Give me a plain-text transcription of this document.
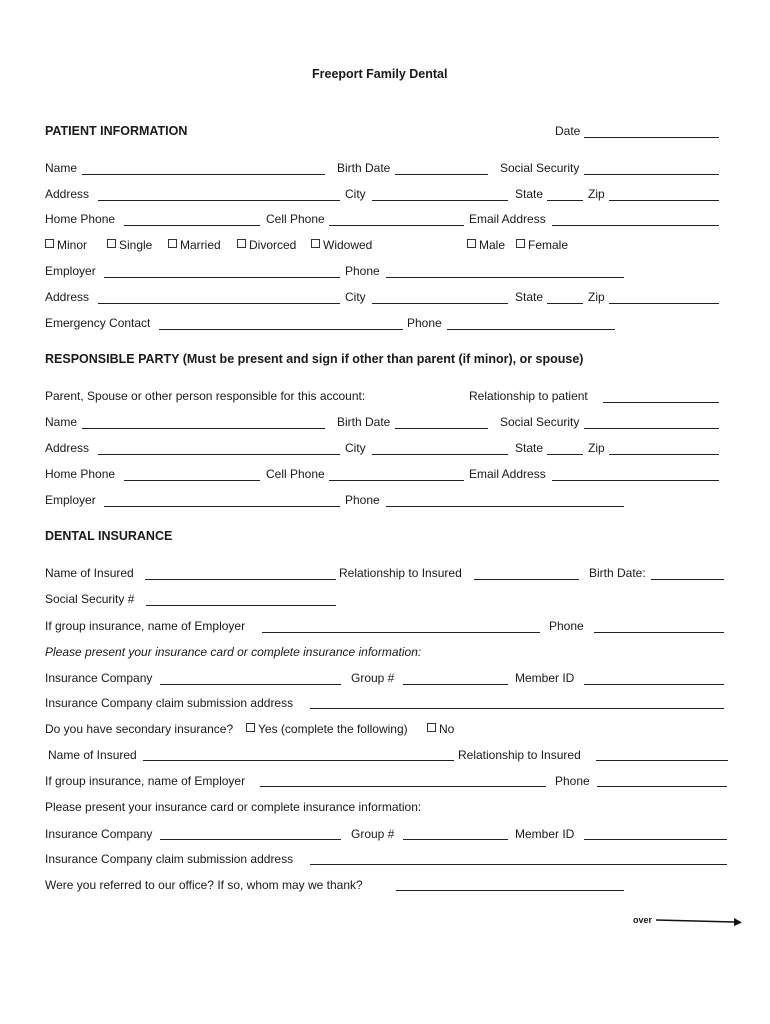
Freeport Family Dental
PATIENT INFORMATION	Date
Name	Birth Date	Social Security
Address	City	State	Zip
Home Phone	Cell Phone	Email Address
Minor	Single	Married	Divorced	Widowed	Male	Female
Employer	Phone
Address	City	State	Zip
Emergency Contact	Phone
RESPONSIBLE PARTY (Must be present and sign if other than parent (if minor), or spouse)
Parent, Spouse or other person responsible for this account:	Relationship to patient
Name	Birth Date	Social Security
Address	City	State	Zip
Home Phone	Cell Phone	Email Address
Employer	Phone
DENTAL INSURANCE
Name of Insured	Relationship to Insured	Birth Date:
Social Security #
If group insurance, name of Employer	Phone
Please present your insurance card or complete insurance information:
Insurance Company	Group #	Member ID
Insurance Company claim submission address
Do you have secondary insurance?	Yes (complete the following)	No
Name of Insured	Relationship to Insured
If group insurance, name of Employer	Phone
Please present your insurance card or complete insurance information:
Insurance Company	Group #	Member ID
Insurance Company claim submission address
Were you referred to our office? If so, whom may we thank?
over
